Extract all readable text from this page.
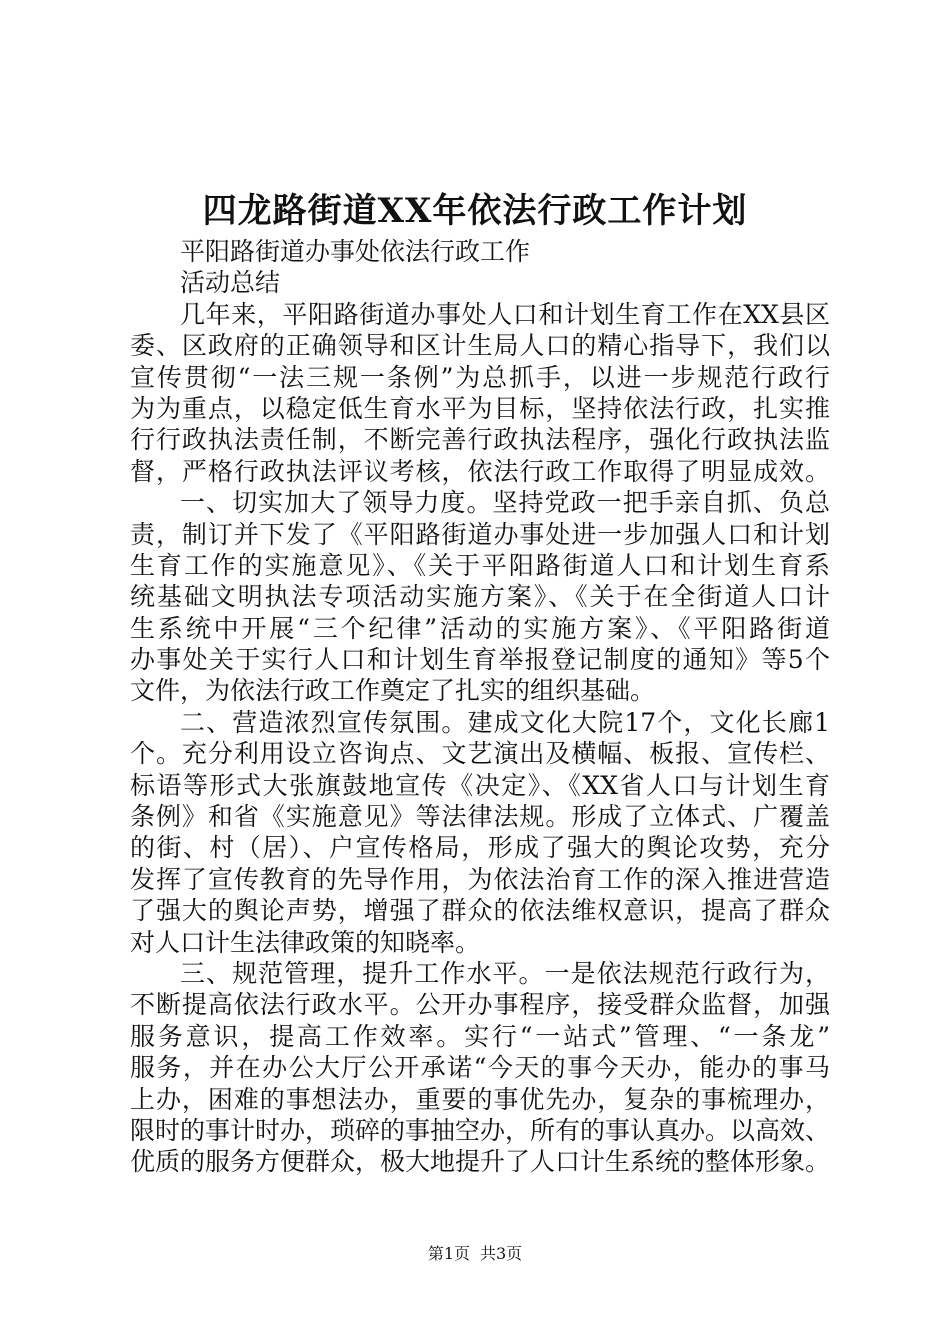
四龙路街道XX年依法行政工作计划
平阳路街道办事处依法行政工作
活动总结
几年来，平阳路街道办事处人口和计划生育工作在XX县区
委、区政府的正确领导和区计生局人口的精心指导下，我们以
宣传贯彻“一法三规一条例”为总抓手，以进一步规范行政行
为为重点，以稳定低生育水平为目标，坚持依法行政，扎实推
行行政执法责任制，不断完善行政执法程序，强化行政执法监
督，严格行政执法评议考核，依法行政工作取得了明显成效。
一、切实加大了领导力度。坚持党政一把手亲自抓、负总
责，制订并下发了《平阳路街道办事处进一步加强人口和计划
生育工作的实施意见》、《关于平阳路街道人口和计划生育系
统基础文明执法专项活动实施方案》、《关于在全街道人口计
生系统中开展“三个纪律”活动的实施方案》、《平阳路街道
办事处关于实行人口和计划生育举报登记制度的通知》等5个
文件，为依法行政工作奠定了扎实的组织基础。
二、营造浓烈宣传氛围。建成文化大院17个，文化长廊1
个。充分利用设立咨询点、文艺演出及横幅、板报、宣传栏、
标语等形式大张旗鼓地宣传《决定》、《XX省人口与计划生育
条例》和省《实施意见》等法律法规。形成了立体式、广覆盖
的街、村（居）、户宣传格局，形成了强大的舆论攻势，充分
发挥了宣传教育的先导作用，为依法治育工作的深入推进营造
了强大的舆论声势，增强了群众的依法维权意识，提高了群众
对人口计生法律政策的知晓率。
三、规范管理，提升工作水平。一是依法规范行政行为，
不断提高依法行政水平。公开办事程序，接受群众监督，加强
服务意识，提高工作效率。实行“一站式”管理、“一条龙”
服务，并在办公大厅公开承诺“今天的事今天办，能办的事马
上办，困难的事想法办，重要的事优先办，复杂的事梳理办，
限时的事计时办，琐碎的事抽空办，所有的事认真办。以高效、
优质的服务方便群众，极大地提升了人口计生系统的整体形象。
第1页 共3页
